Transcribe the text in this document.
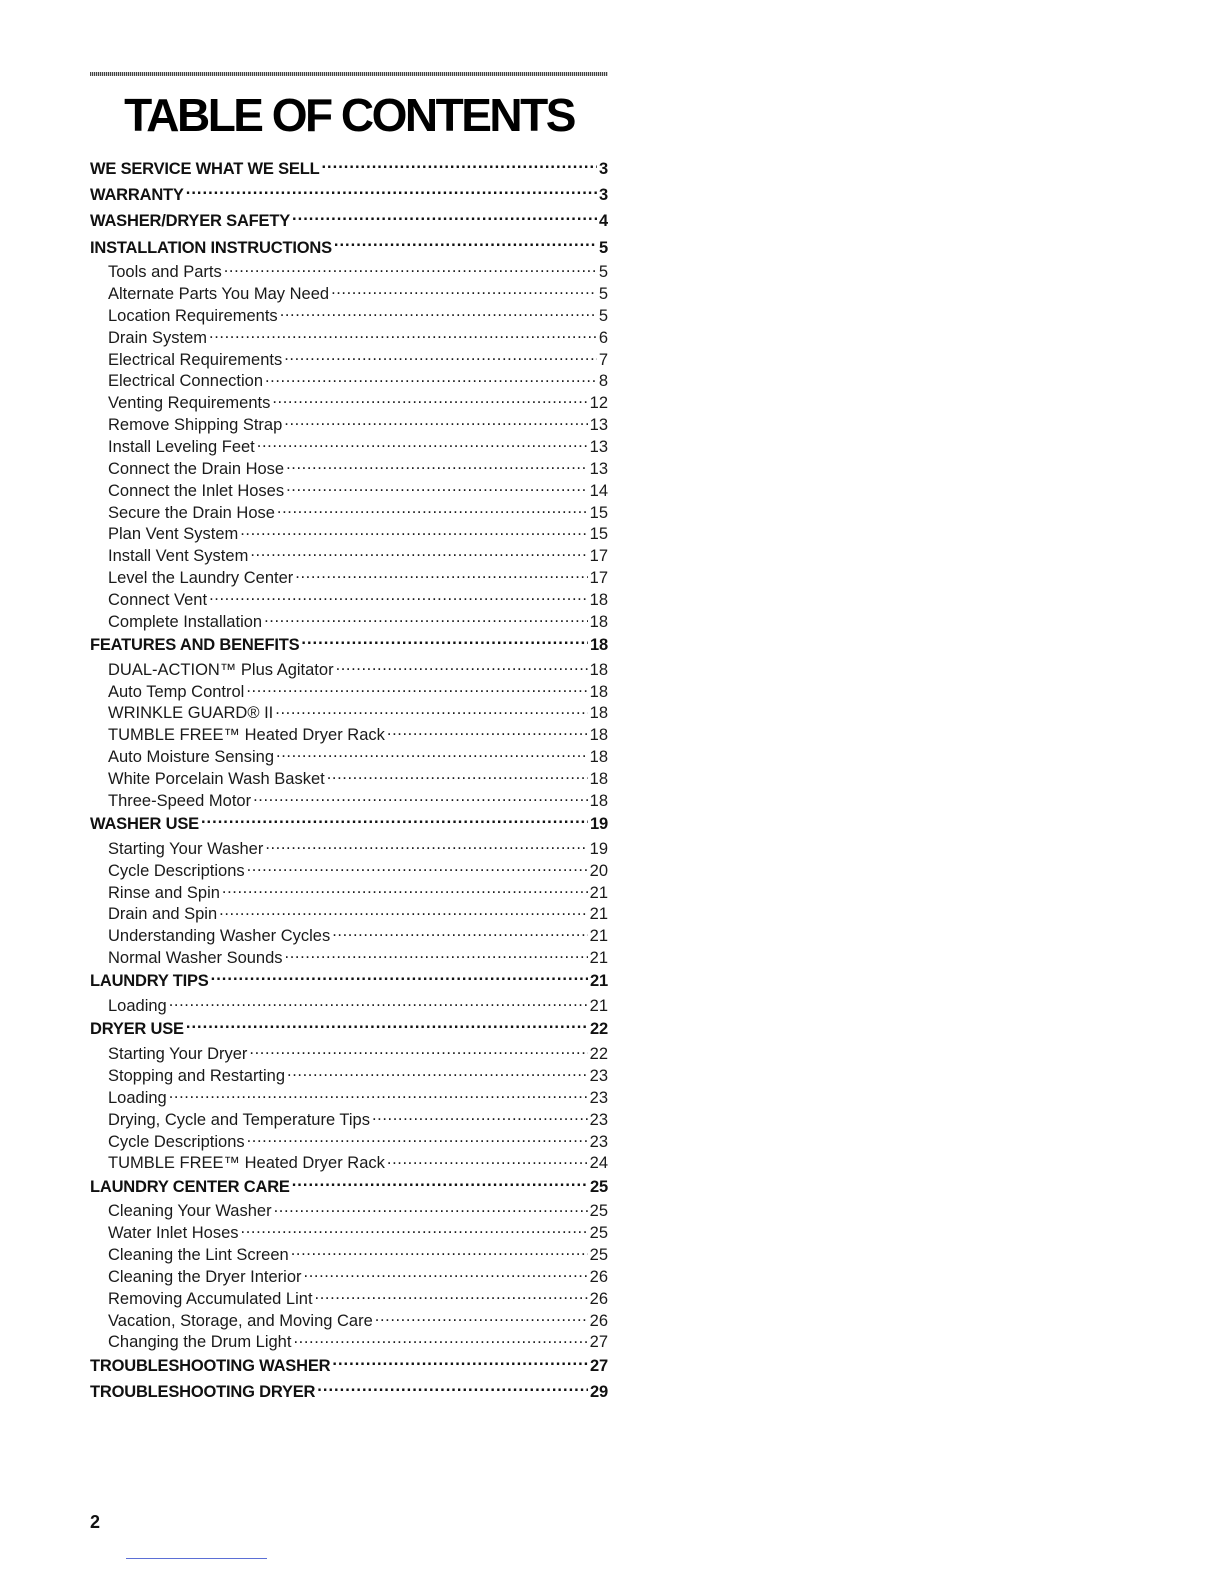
TABLE OF CONTENTS
WE SERVICE WHAT WE SELL .....	3
WARRANTY .....	3
WASHER/DRYER SAFETY .....	4
INSTALLATION INSTRUCTIONS .....	5
Tools and Parts .....	5
Alternate Parts You May Need .....	5
Location Requirements .....	5
Drain System .....	6
Electrical Requirements .....	7
Electrical Connection .....	8
Venting Requirements .....	12
Remove Shipping Strap .....	13
Install Leveling Feet .....	13
Connect the Drain Hose .....	13
Connect the Inlet Hoses .....	14
Secure the Drain Hose .....	15
Plan Vent System .....	15
Install Vent System .....	17
Level the Laundry Center .....	17
Connect Vent .....	18
Complete Installation .....	18
FEATURES AND BENEFITS .....	18
DUAL-ACTION™ Plus Agitator .....	18
Auto Temp Control .....	18
WRINKLE GUARD® II .....	18
TUMBLE FREE™ Heated Dryer Rack .....	18
Auto Moisture Sensing .....	18
White Porcelain Wash Basket .....	18
Three-Speed Motor .....	18
WASHER USE .....	19
Starting Your Washer .....	19
Cycle Descriptions .....	20
Rinse and Spin .....	21
Drain and Spin .....	21
Understanding Washer Cycles .....	21
Normal Washer Sounds .....	21
LAUNDRY TIPS .....	21
Loading .....	21
DRYER USE .....	22
Starting Your Dryer .....	22
Stopping and Restarting .....	23
Loading .....	23
Drying, Cycle and Temperature Tips .....	23
Cycle Descriptions .....	23
TUMBLE FREE™ Heated Dryer Rack .....	24
LAUNDRY CENTER CARE .....	25
Cleaning Your Washer .....	25
Water Inlet Hoses .....	25
Cleaning the Lint Screen .....	25
Cleaning the Dryer Interior .....	26
Removing Accumulated Lint .....	26
Vacation, Storage, and Moving Care .....	26
Changing the Drum Light .....	27
TROUBLESHOOTING WASHER .....	27
TROUBLESHOOTING DRYER .....	29

2
